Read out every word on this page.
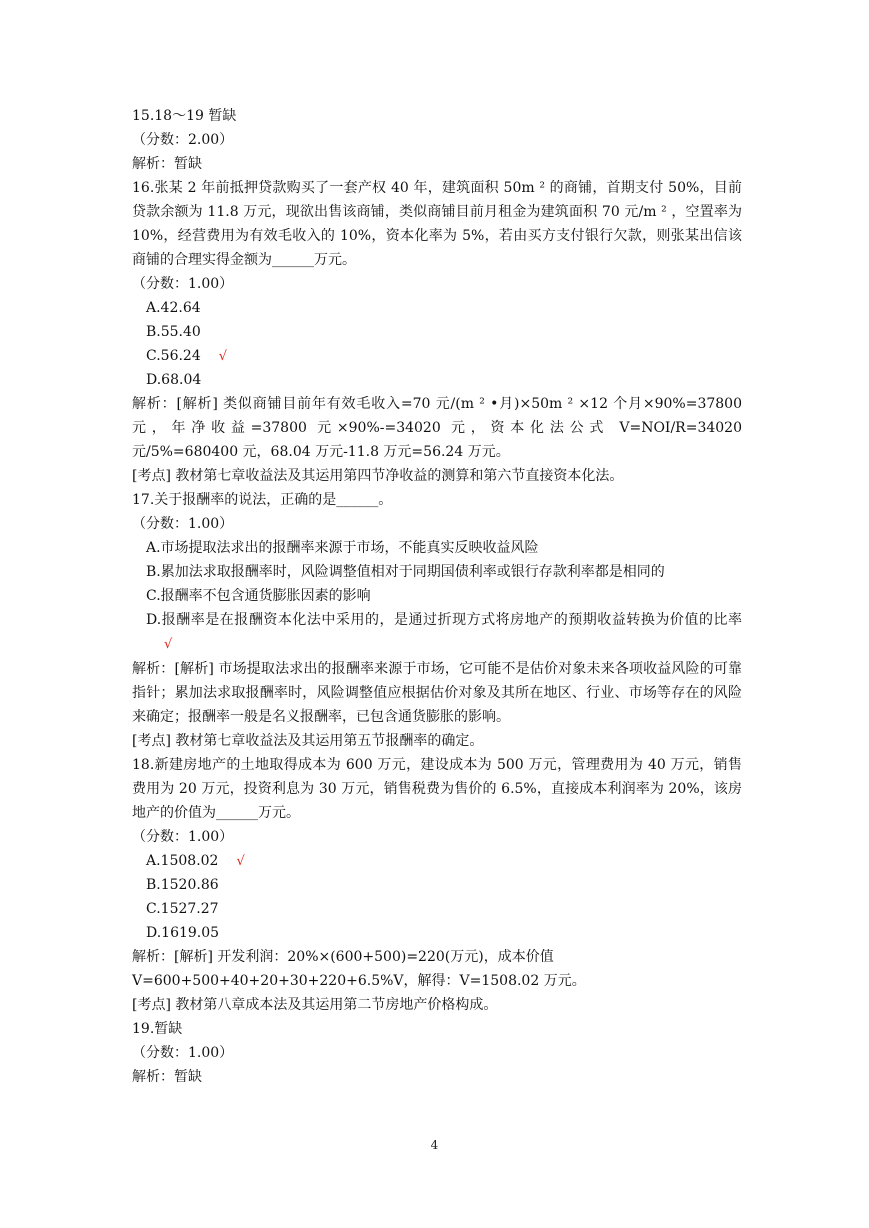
15.18～19 暂缺
（分数：2.00）
解析：暂缺
16.张某 2 年前抵押贷款购买了一套产权 40 年，建筑面积 50m ² 的商铺，首期支付 50%，目前贷款余额为 11.8 万元，现欲出售该商铺，类似商铺目前月租金为建筑面积 70 元/m ² ，空置率为 10%，经营费用为有效毛收入的 10%，资本化率为 5%，若由买方支付银行欠款，则张某出信该商铺的合理实得金额为______万元。
（分数：1.00）
A.42.64
B.55.40
C.56.24 √
D.68.04
解析：[解析] 类似商铺目前年有效毛收入=70 元/(m ² •月)×50m ² ×12 个月×90%=37800 元，年净收益=37800 元×90%-=34020 元，资本化法公式 V=NOI/R=34020 元/5%=680400 元，68.04 万元-11.8 万元=56.24 万元。
[考点] 教材第七章收益法及其运用第四节净收益的测算和第六节直接资本化法。
17.关于报酬率的说法，正确的是______。
（分数：1.00）
A.市场提取法求出的报酬率来源于市场，不能真实反映收益风险
B.累加法求取报酬率时，风险调整值相对于同期国债利率或银行存款利率都是相同的
C.报酬率不包含通货膨胀因素的影响
D.报酬率是在报酬资本化法中采用的，是通过折现方式将房地产的预期收益转换为价值的比率√
解析：[解析] 市场提取法求出的报酬率来源于市场，它可能不是估价对象未来各项收益风险的可靠指针；累加法求取报酬率时，风险调整值应根据估价对象及其所在地区、行业、市场等存在的风险来确定；报酬率一般是名义报酬率，已包含通货膨胀的影响。
[考点] 教材第七章收益法及其运用第五节报酬率的确定。
18.新建房地产的土地取得成本为 600 万元，建设成本为 500 万元，管理费用为 40 万元，销售费用为 20 万元，投资利息为 30 万元，销售税费为售价的 6.5%，直接成本利润率为 20%，该房地产的价值为______万元。
（分数：1.00）
A.1508.02 √
B.1520.86
C.1527.27
D.1619.05
解析：[解析] 开发利润：20%×(600+500)=220(万元)，成本价值
V=600+500+40+20+30+220+6.5%V，解得：V=1508.02 万元。
[考点] 教材第八章成本法及其运用第二节房地产价格构成。
19.暂缺
（分数：1.00）
解析：暂缺
4
